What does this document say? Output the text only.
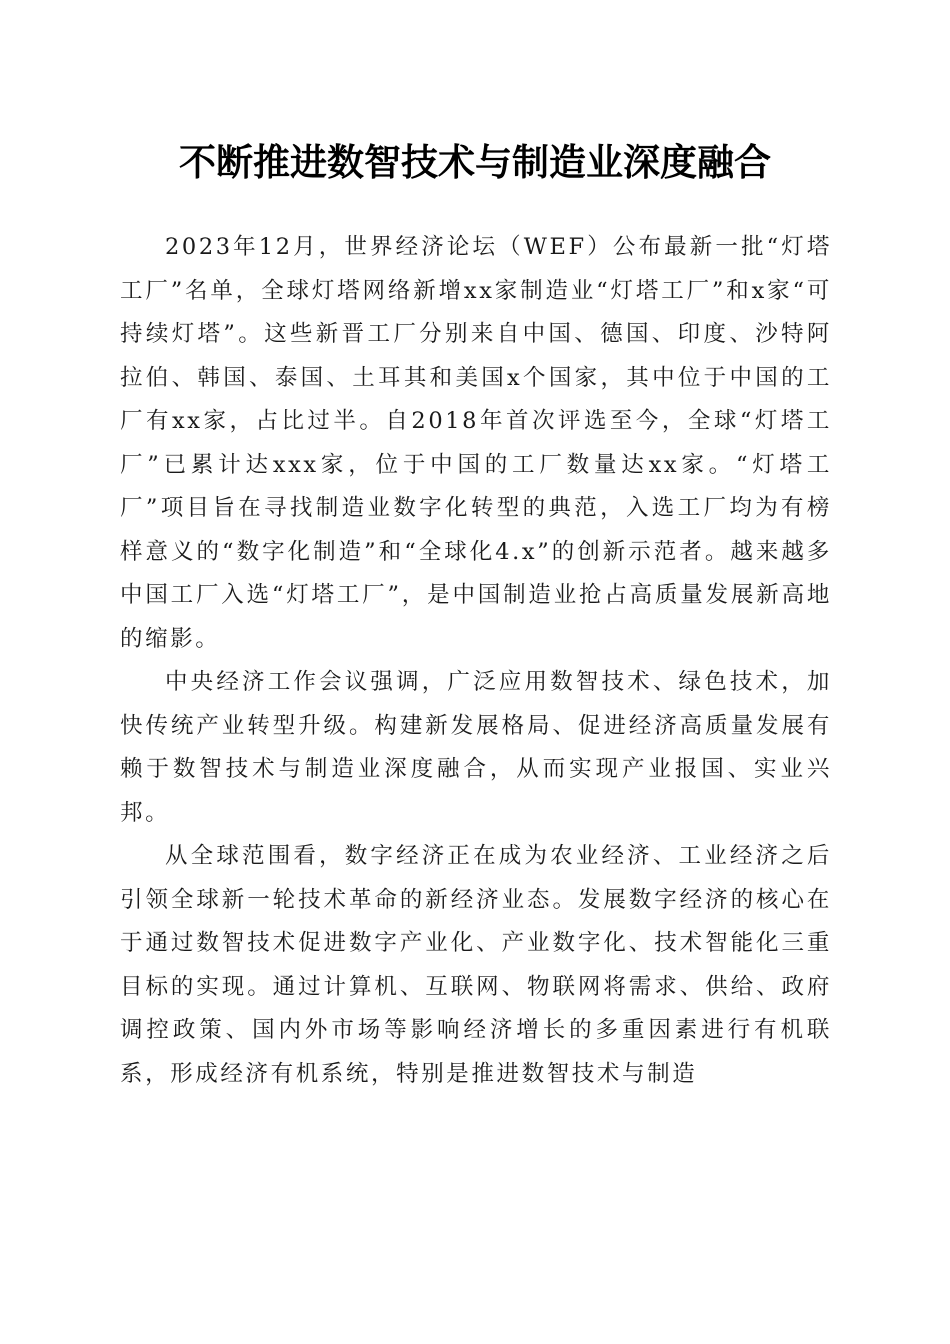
不断推进数智技术与制造业深度融合

2023年12月，世界经济论坛（WEF）公布最新一批“灯塔工厂”名单，全球灯塔网络新增xx家制造业“灯塔工厂”和x家“可持续灯塔”。这些新晋工厂分别来自中国、德国、印度、沙特阿拉伯、韩国、泰国、土耳其和美国x个国家，其中位于中国的工厂有xx家，占比过半。自2018年首次评选至今，全球“灯塔工厂”已累计达xxx家，位于中国的工厂数量达xx家。“灯塔工厂”项目旨在寻找制造业数字化转型的典范，入选工厂均为有榜样意义的“数字化制造”和“全球化4.x”的创新示范者。越来越多中国工厂入选“灯塔工厂”，是中国制造业抢占高质量发展新高地的缩影。

中央经济工作会议强调，广泛应用数智技术、绿色技术，加快传统产业转型升级。构建新发展格局、促进经济高质量发展有赖于数智技术与制造业深度融合，从而实现产业报国、实业兴邦。

从全球范围看，数字经济正在成为农业经济、工业经济之后引领全球新一轮技术革命的新经济业态。发展数字经济的核心在于通过数智技术促进数字产业化、产业数字化、技术智能化三重目标的实现。通过计算机、互联网、物联网将需求、供给、政府调控政策、国内外市场等影响经济增长的多重因素进行有机联系，形成经济有机系统，特别是推进数智技术与制造
